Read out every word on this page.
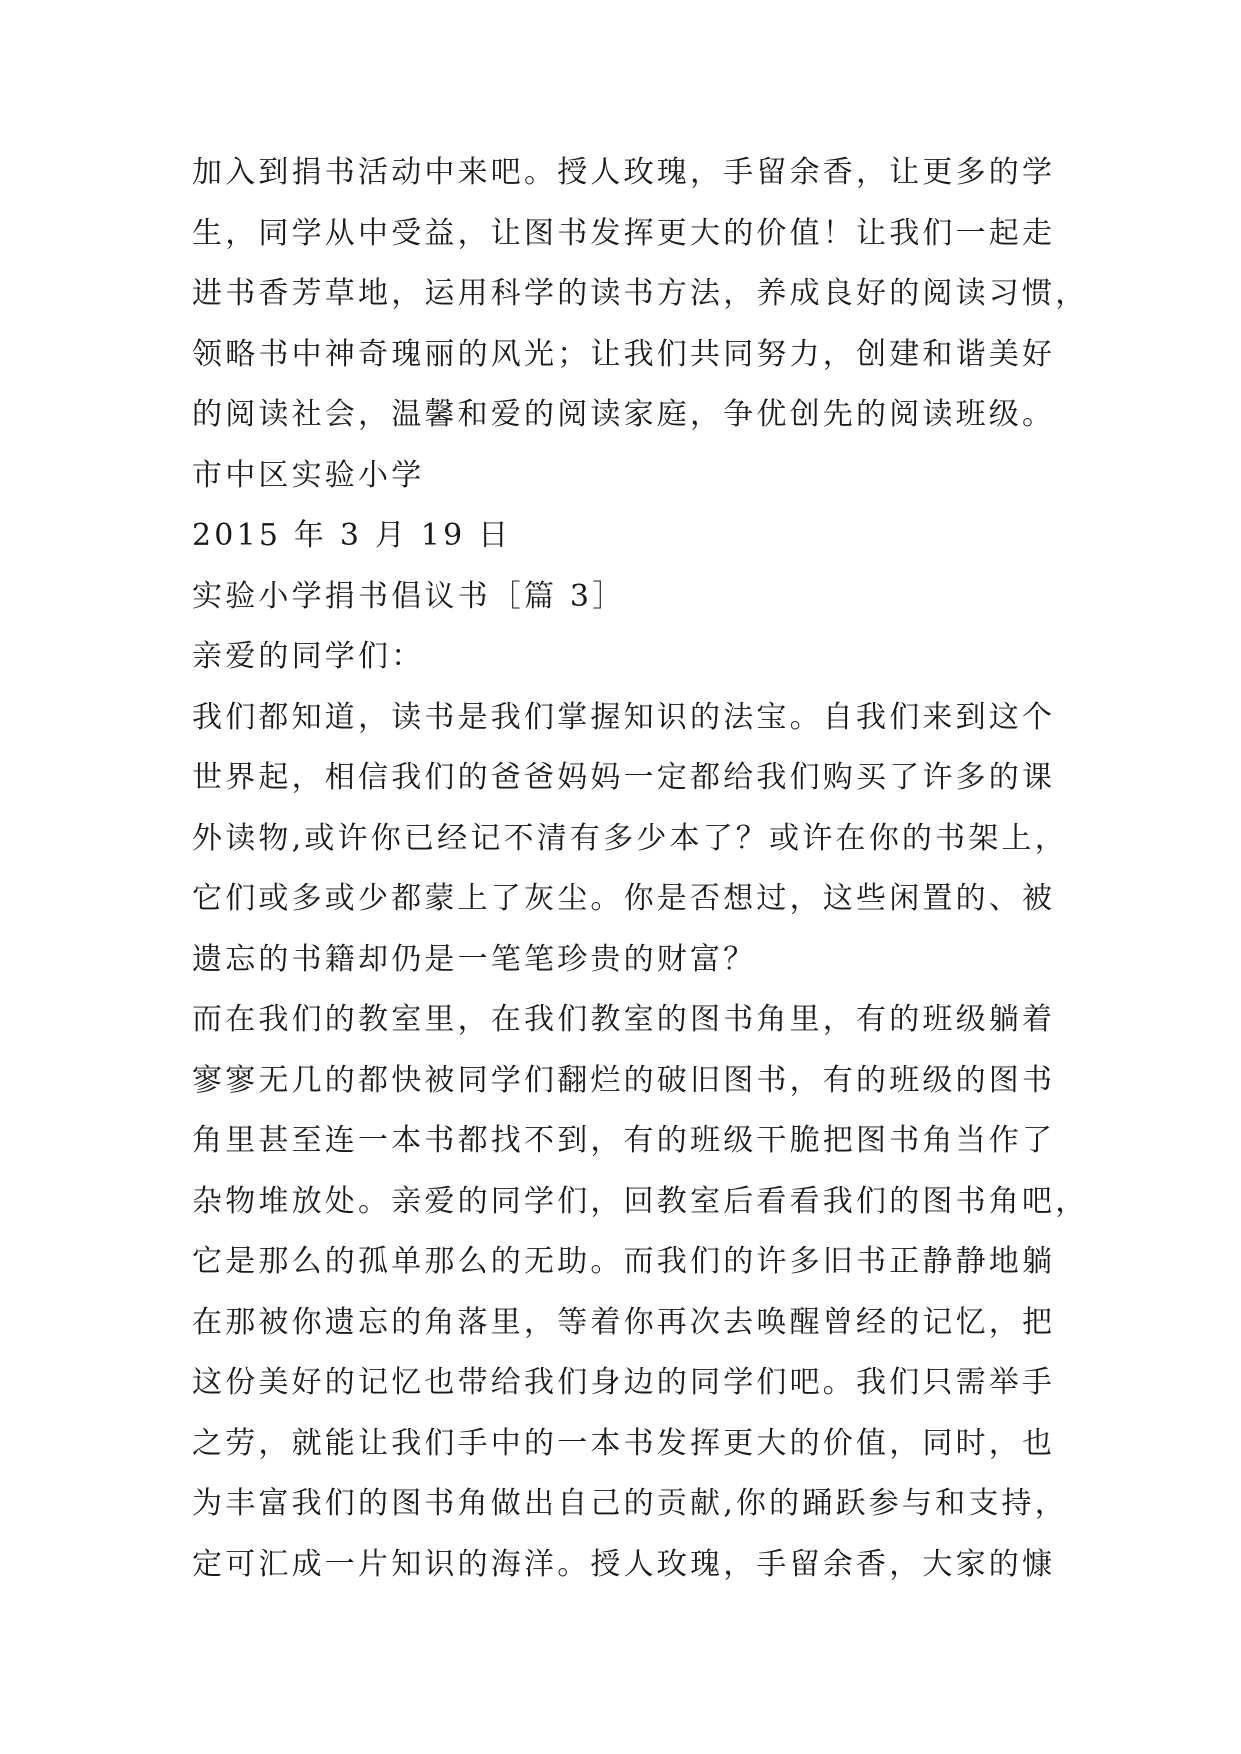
加入到捐书活动中来吧。授人玫瑰，手留余香，让更多的学
生，同学从中受益，让图书发挥更大的价值！让我们一起走
进书香芳草地，运用科学的读书方法，养成良好的阅读习惯，
领略书中神奇瑰丽的风光；让我们共同努力，创建和谐美好
的阅读社会，温馨和爱的阅读家庭，争优创先的阅读班级。
市中区实验小学
2015 年 3 月 19 日
实验小学捐书倡议书［篇 3］
亲爱的同学们：
我们都知道，读书是我们掌握知识的法宝。自我们来到这个
世界起，相信我们的爸爸妈妈一定都给我们购买了许多的课
外读物,或许你已经记不清有多少本了？或许在你的书架上，
它们或多或少都蒙上了灰尘。你是否想过，这些闲置的、被
遗忘的书籍却仍是一笔笔珍贵的财富？
而在我们的教室里，在我们教室的图书角里，有的班级躺着
寥寥无几的都快被同学们翻烂的破旧图书，有的班级的图书
角里甚至连一本书都找不到，有的班级干脆把图书角当作了
杂物堆放处。亲爱的同学们，回教室后看看我们的图书角吧，
它是那么的孤单那么的无助。而我们的许多旧书正静静地躺
在那被你遗忘的角落里，等着你再次去唤醒曾经的记忆，把
这份美好的记忆也带给我们身边的同学们吧。我们只需举手
之劳，就能让我们手中的一本书发挥更大的价值，同时，也
为丰富我们的图书角做出自己的贡献,你的踊跃参与和支持，
定可汇成一片知识的海洋。授人玫瑰，手留余香，大家的慷
